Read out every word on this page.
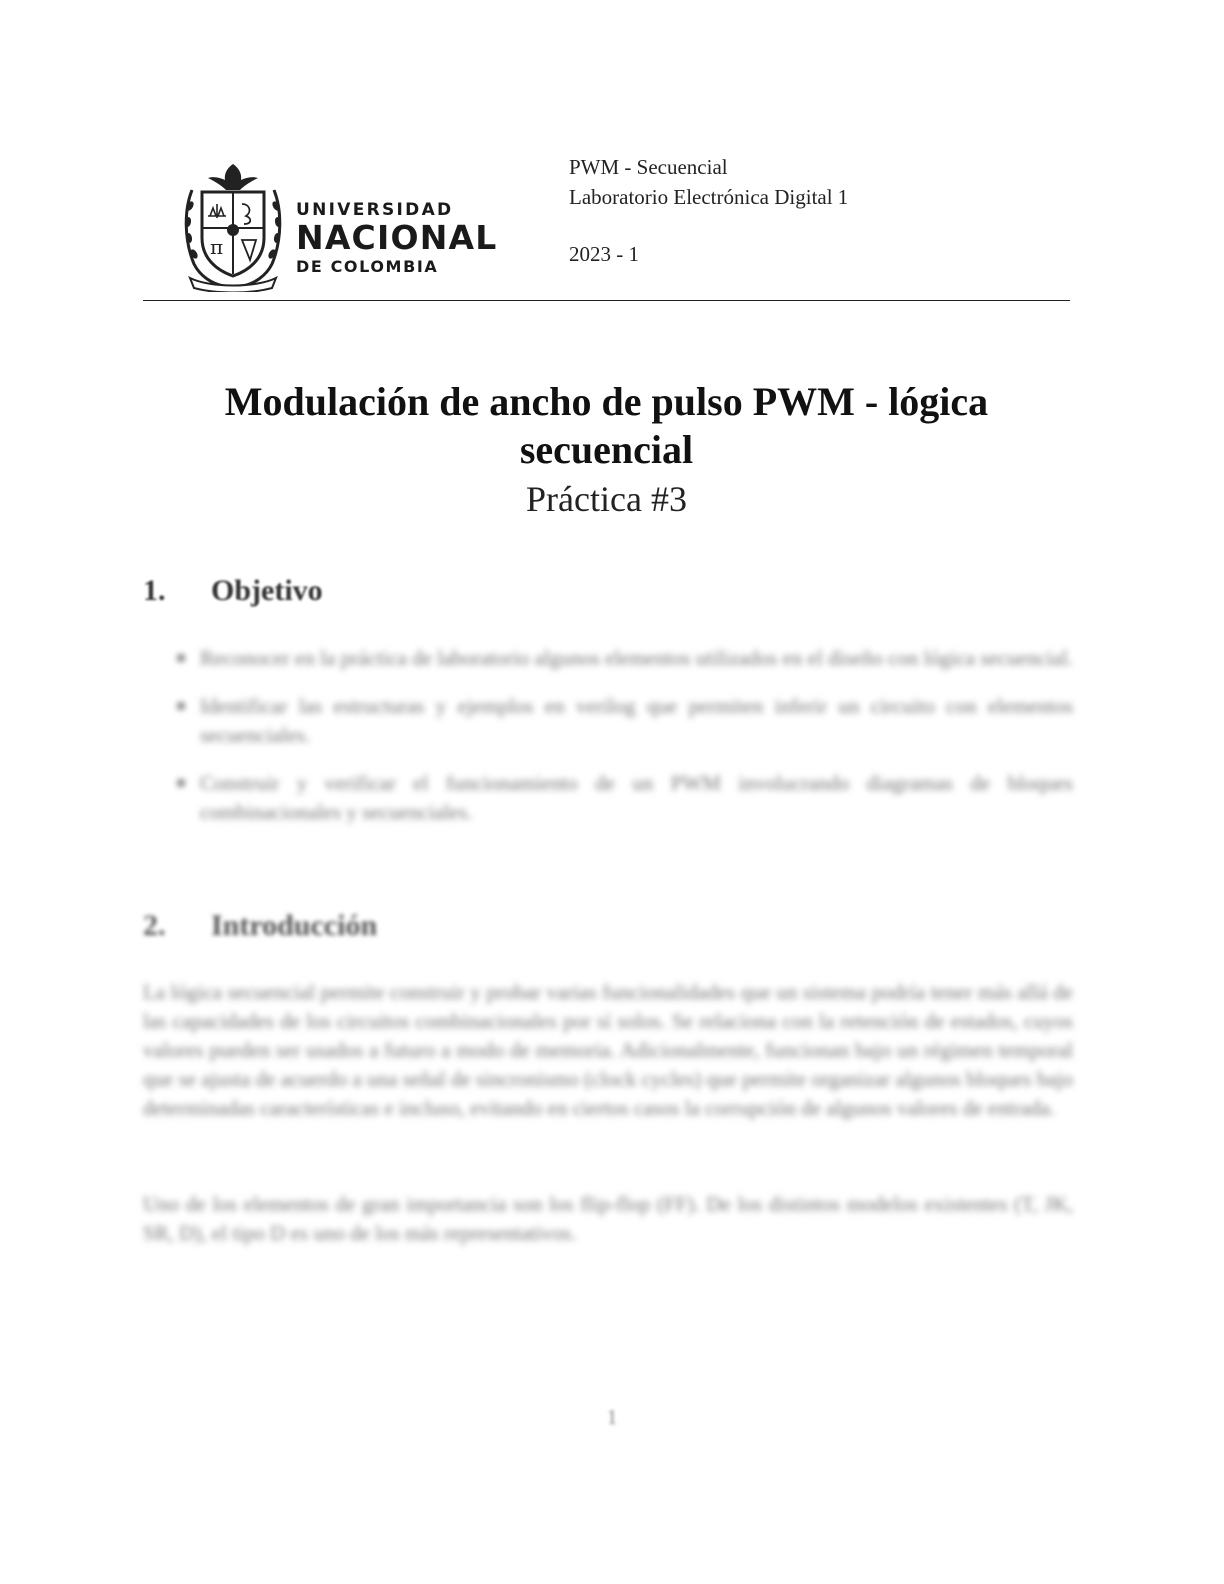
π
UNIVERSIDAD
NACIONAL
DE COLOMBIA
PWM - Secuencial
Laboratorio Electrónica Digital 1
2023 - 1
Modulación de ancho de pulso PWM - lógica
secuencial
Práctica #3
1. Objetivo
Reconocer en la práctica de laboratorio algunos elementos utilizados en el diseño con lógica secuencial.
Identificar las estructuras y ejemplos en verilog que permiten inferir un circuito con elementos secuenciales.
Construir y verificar el funcionamiento de un PWM involucrando diagramas de bloques combinacionales y secuenciales.
2. Introducción

La lógica secuencial permite construir y probar varias funcionalidades que un sistema podría tener más allá de las capacidades de los circuitos combinacionales por sí solos. Se relaciona con la retención de estados, cuyos valores pueden ser usados a futuro a modo de memoria. Adicionalmente, funcionan bajo un régimen temporal que se ajusta de acuerdo a una señal de sincronismo (clock cycles) que permite organizar algunos bloques bajo determinadas características e incluso, evitando en ciertos casos la corrupción de algunos valores de entrada.

Uno de los elementos de gran importancia son los flip-flop (FF). De los distintos modelos existentes (T, JK, SR, D), el tipo D es uno de los más representativos.

1
